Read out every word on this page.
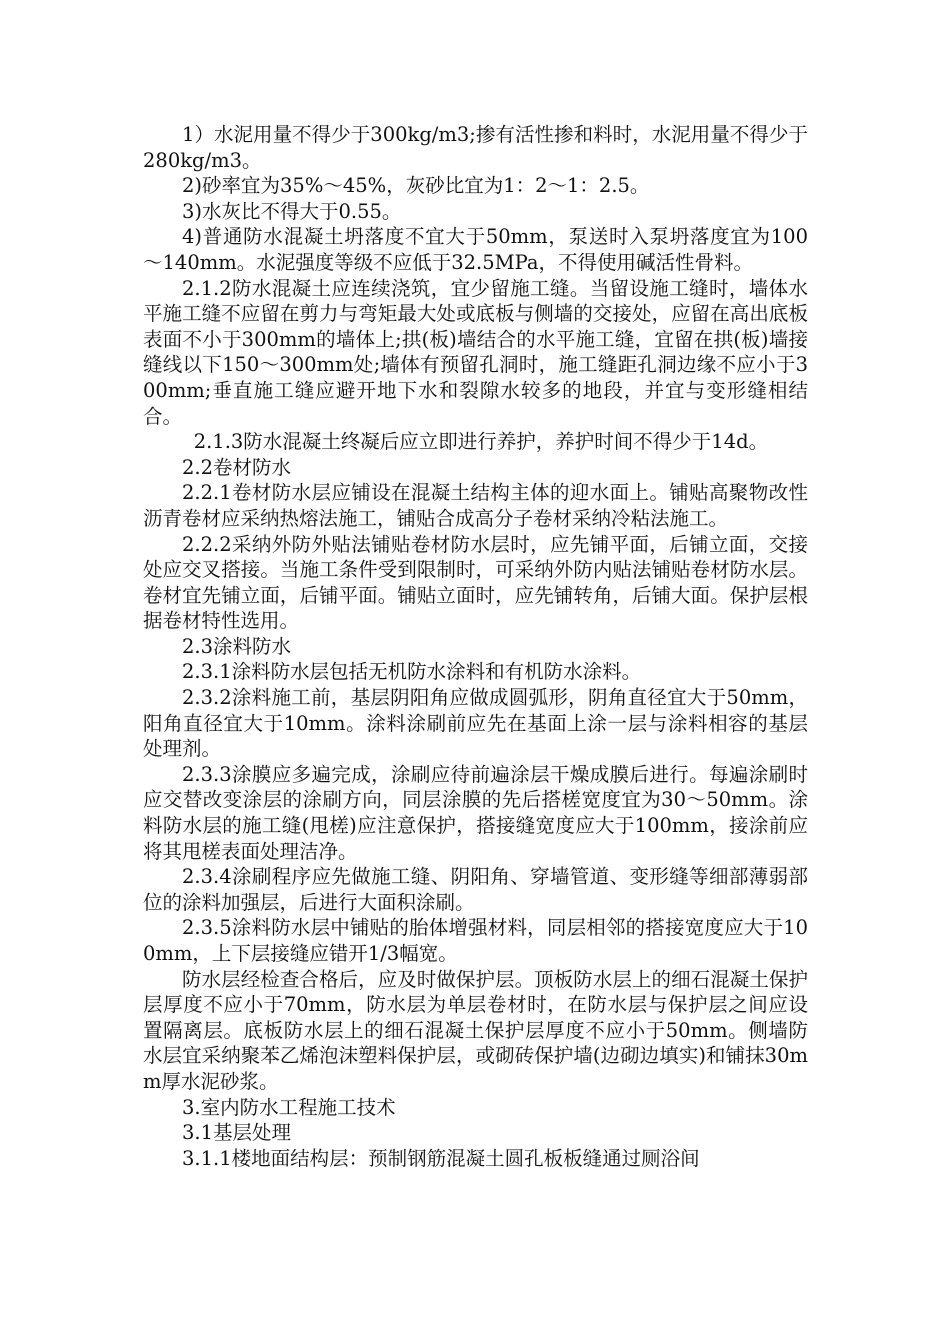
1）水泥用量不得少于300kg/m3;掺有活性掺和料时，水泥用量不得少于280kg/m3。

2)砂率宜为35%～45%，灰砂比宜为1：2～1：2.5。

3)水灰比不得大于0.55。

4)普通防水混凝土坍落度不宜大于50mm，泵送时入泵坍落度宜为100～140mm。水泥强度等级不应低于32.5MPa，不得使用碱活性骨料。

2.1.2防水混凝土应连续浇筑，宜少留施工缝。当留设施工缝时，墙体水平施工缝不应留在剪力与弯矩最大处或底板与侧墙的交接处，应留在高出底板表面不小于300mm的墙体上;拱(板)墙结合的水平施工缝，宜留在拱(板)墙接缝线以下150～300mm处;墙体有预留孔洞时，施工缝距孔洞边缘不应小于300mm;垂直施工缝应避开地下水和裂隙水较多的地段，并宜与变形缝相结合。

2.1.3防水混凝土终凝后应立即进行养护，养护时间不得少于14d。

2.2卷材防水

2.2.1卷材防水层应铺设在混凝土结构主体的迎水面上。铺贴高聚物改性沥青卷材应采纳热熔法施工，铺贴合成高分子卷材采纳冷粘法施工。

2.2.2采纳外防外贴法铺贴卷材防水层时，应先铺平面，后铺立面，交接处应交叉搭接。当施工条件受到限制时，可采纳外防内贴法铺贴卷材防水层。卷材宜先铺立面，后铺平面。铺贴立面时，应先铺转角，后铺大面。保护层根据卷材特性选用。

2.3涂料防水

2.3.1涂料防水层包括无机防水涂料和有机防水涂料。

2.3.2涂料施工前，基层阴阳角应做成圆弧形，阴角直径宜大于50mm，阳角直径宜大于10mm。涂料涂刷前应先在基面上涂一层与涂料相容的基层处理剂。

2.3.3涂膜应多遍完成，涂刷应待前遍涂层干燥成膜后进行。每遍涂刷时应交替改变涂层的涂刷方向，同层涂膜的先后搭槎宽度宜为30～50mm。涂料防水层的施工缝(甩槎)应注意保护，搭接缝宽度应大于100mm，接涂前应将其甩槎表面处理洁净。

2.3.4涂刷程序应先做施工缝、阴阳角、穿墙管道、变形缝等细部薄弱部位的涂料加强层，后进行大面积涂刷。

2.3.5涂料防水层中铺贴的胎体增强材料，同层相邻的搭接宽度应大于100mm，上下层接缝应错开1/3幅宽。

防水层经检查合格后，应及时做保护层。顶板防水层上的细石混凝土保护层厚度不应小于70mm，防水层为单层卷材时，在防水层与保护层之间应设置隔离层。底板防水层上的细石混凝土保护层厚度不应小于50mm。侧墙防水层宜采纳聚苯乙烯泡沫塑料保护层，或砌砖保护墙(边砌边填实)和铺抹30mm厚水泥砂浆。

3.室内防水工程施工技术

3.1基层处理

3.1.1楼地面结构层：预制钢筋混凝土圆孔板板缝通过厕浴间
